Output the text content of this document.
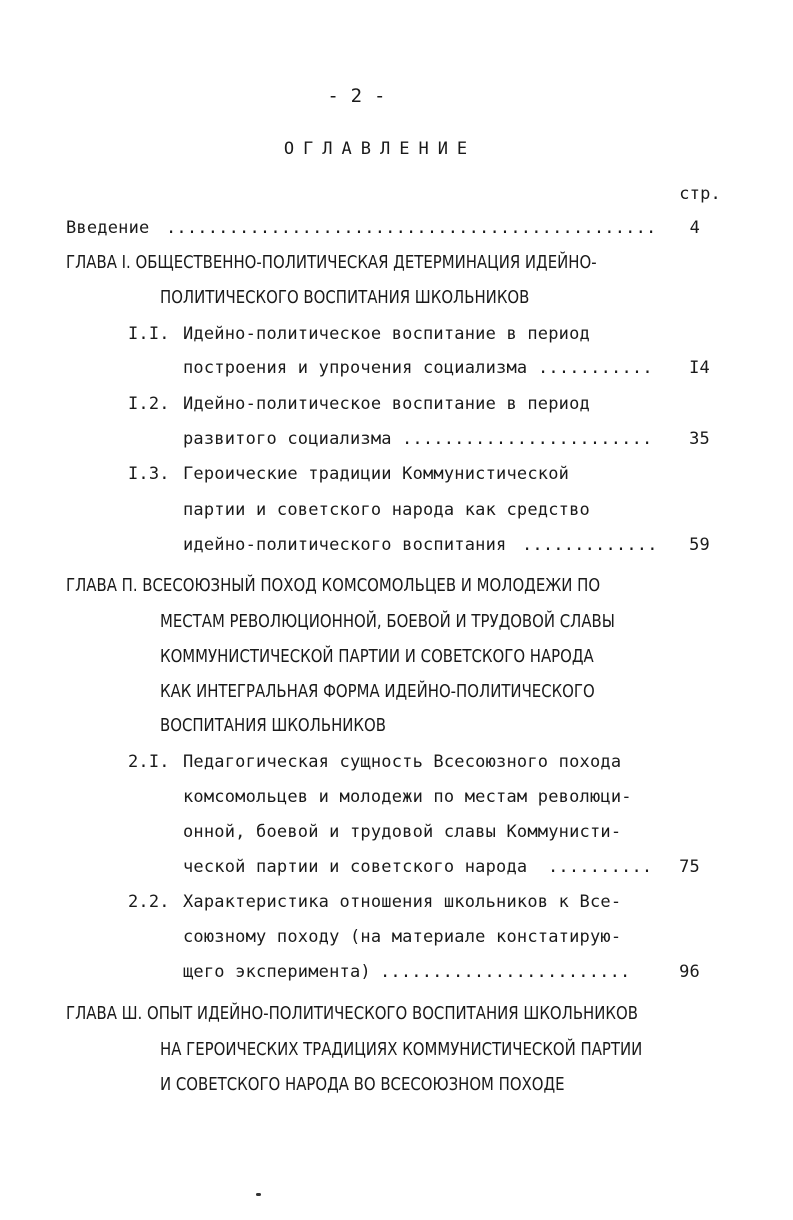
- 2 -
ОГЛАВЛЕНИЕ
стр.
Введение ...............................................	4
ГЛАВА I. ОБЩЕСТВЕННО-ПОЛИТИЧЕСКАЯ ДЕТЕРМИНАЦИЯ ИДЕЙНО-
ПОЛИТИЧЕСКОГО ВОСПИТАНИЯ ШКОЛЬНИКОВ
I.I. Идейно-политическое воспитание в период
построения и упрочения социализма ...........	I4
I.2. Идейно-политическое воспитание в период
развитого социализма ........................	35
I.3. Героические традиции Коммунистической
партии и советского народа как средство
идейно-политического воспитания .............	59
ГЛАВА П. ВСЕСОЮЗНЫЙ ПОХОД КОМСОМОЛЬЦЕВ И МОЛОДЕЖИ ПО
МЕСТАМ РЕВОЛЮЦИОННОЙ, БОЕВОЙ И ТРУДОВОЙ СЛАВЫ
КОММУНИСТИЧЕСКОЙ ПАРТИИ И СОВЕТСКОГО НАРОДА
КАК ИНТЕГРАЛЬНАЯ ФОРМА ИДЕЙНО-ПОЛИТИЧЕСКОГО
ВОСПИТАНИЯ ШКОЛЬНИКОВ
2.I. Педагогическая сущность Всесоюзного похода
комсомольцев и молодежи по местам революци-
онной, боевой и трудовой славы Коммунисти-
ческой партии и советского народа ..........	75
2.2. Характеристика отношения школьников к Все-
союзному походу (на материале констатирую-
щего эксперимента) ........................	96
ГЛАВА Ш. ОПЫТ ИДЕЙНО-ПОЛИТИЧЕСКОГО ВОСПИТАНИЯ ШКОЛЬНИКОВ
НА ГЕРОИЧЕСКИХ ТРАДИЦИЯХ КОММУНИСТИЧЕСКОЙ ПАРТИИ
И СОВЕТСКОГО НАРОДА ВО ВСЕСОЮЗНОМ ПОХОДЕ
